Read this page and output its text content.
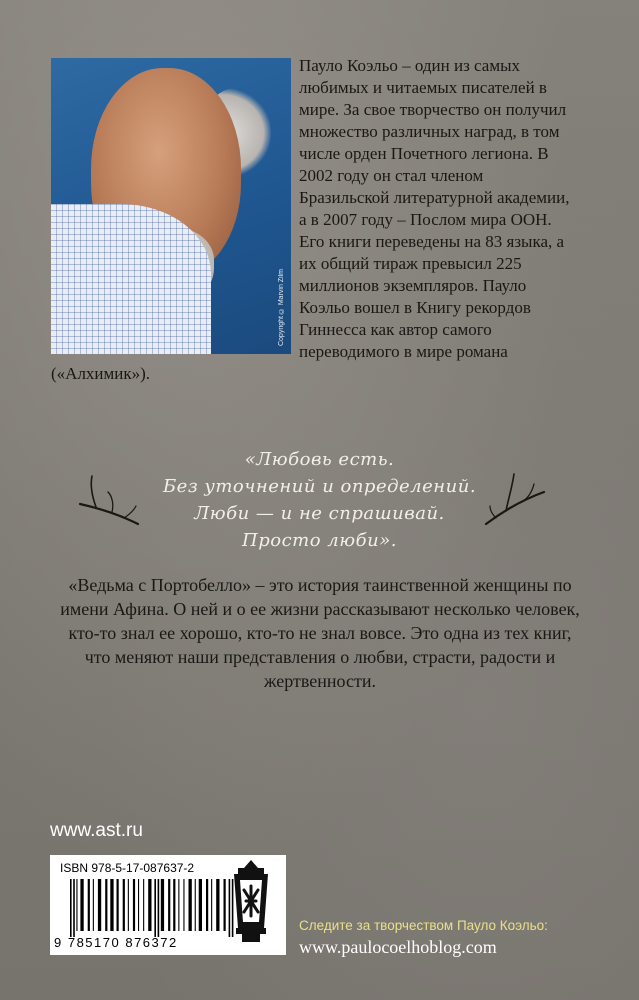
Copyright © Marvin Zilm

Пауло Коэльо – один из самых любимых и читаемых писателей в мире. За свое творчество он получил множество различных наград, в том числе орден Почетного легиона. В 2002 году он стал членом Бразильской литературной академии, а в 2007 году – Послом мира ООН. Его книги переведены на 83 языка, а их общий тираж превысил 225 миллионов экземпляров. Пауло Коэльо вошел в Книгу рекордов Гиннесса как автор самого переводимого в мире романа («Алхимик»).

«Любовь есть.
Без уточнений и определений.
Люби — и не спрашивай.
Просто люби».

«Ведьма с Портобелло» – это история таинственной женщины по имени Афина. О ней и о ее жизни рассказывают несколько человек, кто-то знал ее хорошо, кто-то не знал вовсе. Это одна из тех книг, что меняют наши представления о любви, страсти, радости и жертвенности.

www.ast.ru
ISBN 978-5-17-087637-2
9 785170 876372
Следите за творчеством Пауло Коэльо:
www.paulocoelhoblog.com
